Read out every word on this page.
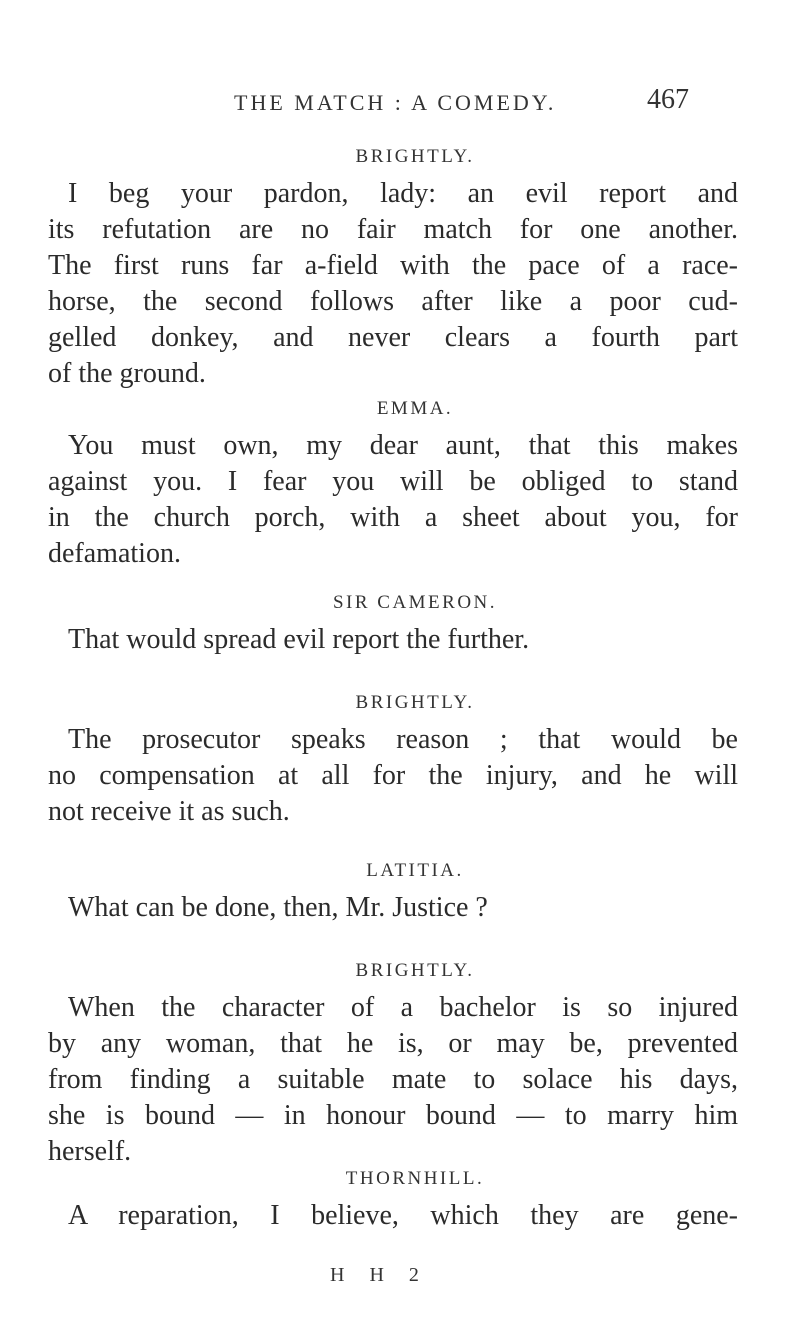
THE MATCH : A COMEDY.	467
BRIGHTLY.
I beg your pardon, lady: an evil report and
its refutation are no fair match for one another.
The first runs far a-field with the pace of a race-
horse, the second follows after like a poor cud-
gelled donkey, and never clears a fourth part
of the ground.
EMMA.
You must own, my dear aunt, that this makes
against you. I fear you will be obliged to stand
in the church porch, with a sheet about you, for
defamation.
SIR CAMERON.
That would spread evil report the further.
BRIGHTLY.
The prosecutor speaks reason ; that would be
no compensation at all for the injury, and he will
not receive it as such.
LATITIA.
What can be done, then, Mr. Justice ?
BRIGHTLY.
When the character of a bachelor is so injured
by any woman, that he is, or may be, prevented
from finding a suitable mate to solace his days,
she is bound — in honour bound — to marry him
herself.
THORNHILL.
A reparation, I believe, which they are gene-
H H 2
